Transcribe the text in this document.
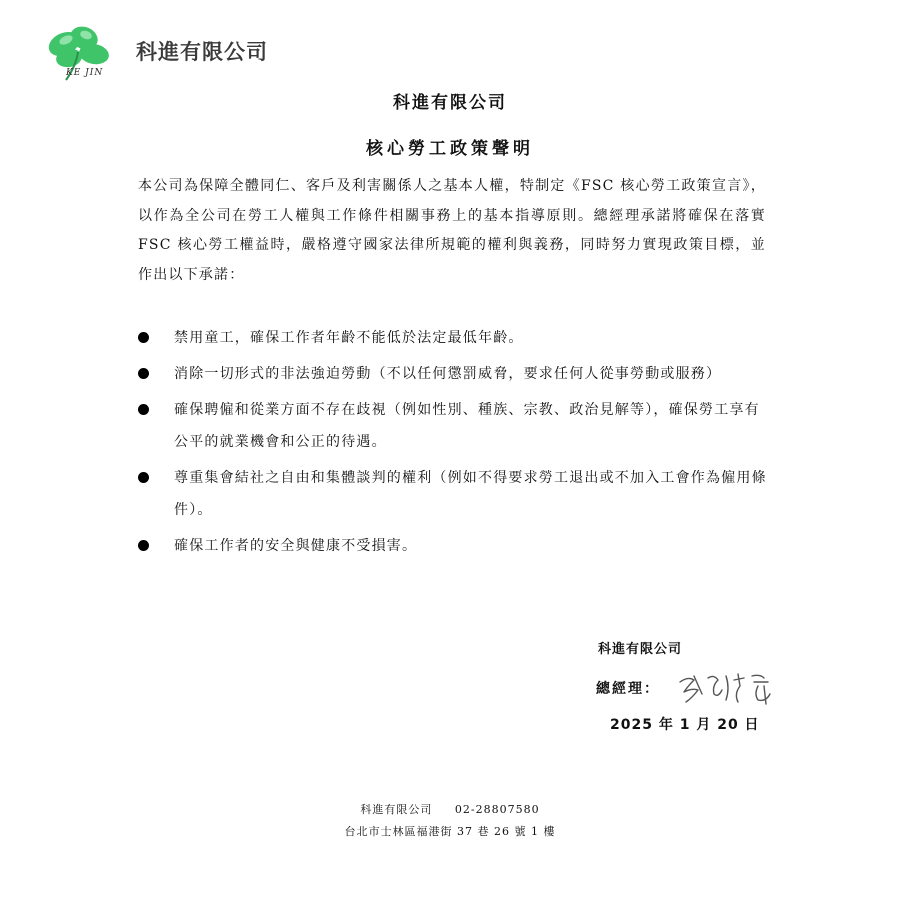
KE JIN
科進有限公司
科進有限公司
核心勞工政策聲明

本公司為保障全體同仁、客戶及利害關係人之基本人權，特制定《FSC 核心勞工政策宣言》，以作為全公司在勞工人權與工作條件相關事務上的基本指導原則。總經理承諾將確保在落實 FSC 核心勞工權益時，嚴格遵守國家法律所規範的權利與義務，同時努力實現政策目標，並作出以下承諾：

禁用童工，確保工作者年齡不能低於法定最低年齡。
消除一切形式的非法強迫勞動（不以任何懲罰威脅，要求任何人從事勞動或服務）
確保聘僱和從業方面不存在歧視（例如性別、種族、宗教、政治見解等），確保勞工享有公平的就業機會和公正的待遇。
尊重集會結社之自由和集體談判的權利（例如不得要求勞工退出或不加入工會作為僱用條件）。
確保工作者的安全與健康不受損害。
科進有限公司
總經理：
2025 年 1 月 20 日
科進有限公司     02-28807580
台北市士林區福港街 37 巷 26 號 1 樓
